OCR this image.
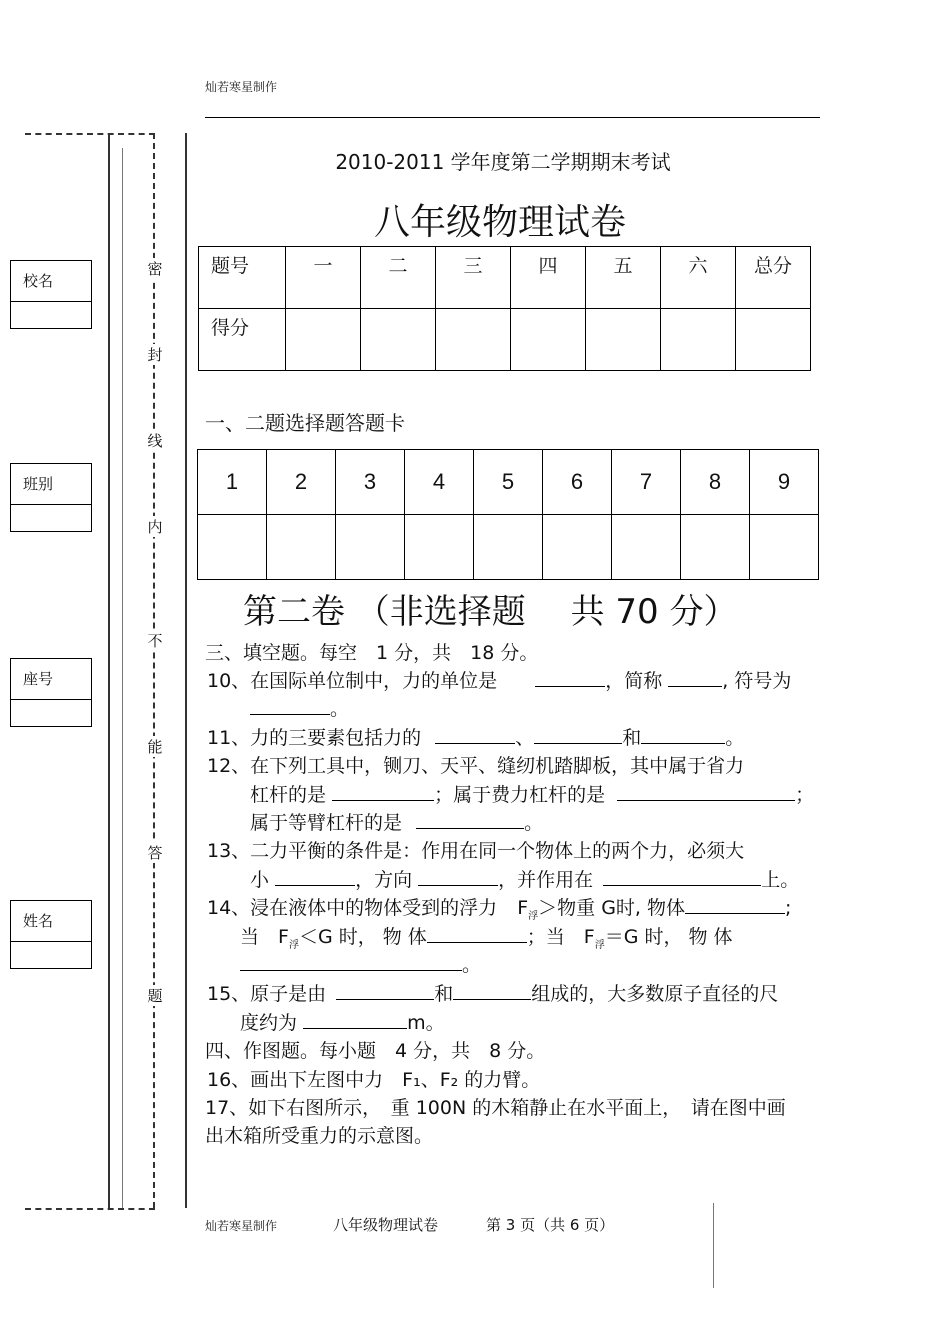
灿若寒星制作
校名
班别
座号
姓名
密
封
线
内
不
能
答
题
2010-2011 学年度第二学期期末考试
八年级物理试卷
题号	一	二	三	四	五	六	总分
得分							
一、二题选择题答题卡
1	2	3	4	5	6	7	8	9

第二卷 （非选择题　 共 70 分）
三、填空题。每空　1 分，共　18 分。
10、在国际单位制中，力的单位是	，简称	, 符号为
。
11、力的三要素包括力的	、	和	。
12、在下列工具中，铡刀、天平、缝纫机踏脚板，其中属于省力
杠杆的是	；属于费力杠杆的是	；
属于等臂杠杆的是	。
13、二力平衡的条件是：作用在同一个物体上的两个力，必须大
小	，方向	，并作用在	上。
14、浸在液体中的物体受到的浮力 $F_浮>$物重 G时, 物体	;
当　$F_浮<G$ 时， 物 体	；当　$F_浮=G$ 时， 物 体
。
15、原子是由	和	组成的，大多数原子直径的尺
度约为	m。
四、作图题。每小题　4 分，共　8 分。
16、画出下左图中力　F₁、F₂ 的力臂。
17、如下右图所示，　重 100N 的木箱静止在水平面上，　请在图中画
出木箱所受重力的示意图。
灿若寒星制作	八年级物理试卷	第 3 页（共 6 页）
